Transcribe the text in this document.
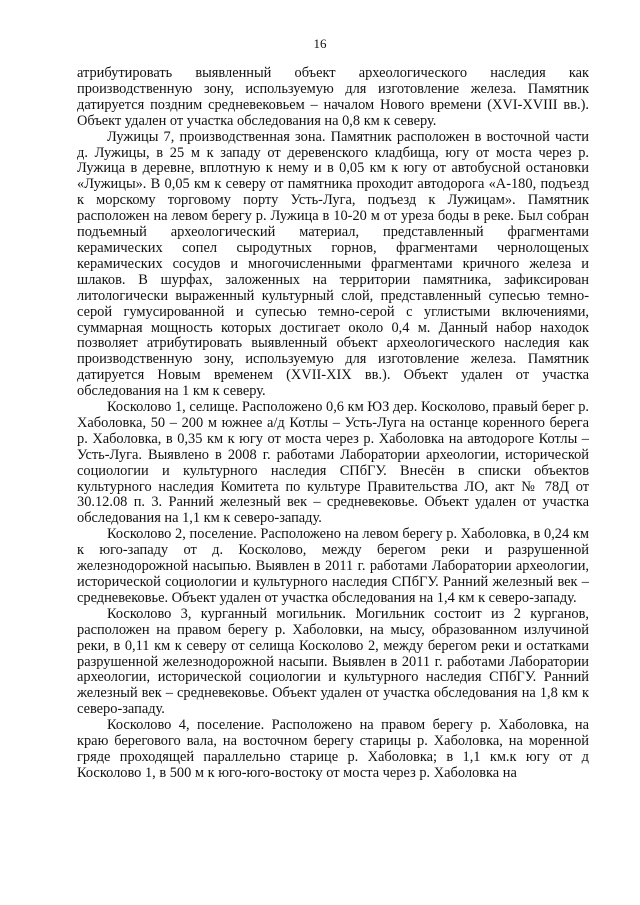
16

атрибутировать выявленный объект археологического наследия как производственную зону, используемую для изготовление железа. Памятник датируется поздним средневековьем – началом Нового времени (XVI-XVIII вв.). Объект удален от участка обследования на 0,8 км к северу.

Лужицы 7, производственная зона. Памятник расположен в восточной части д. Лужицы, в 25 м к западу от деревенского кладбища, югу от моста через р. Лужица в деревне, вплотную к нему и в 0,05 км к югу от автобусной остановки «Лужицы». В 0,05 км к северу от памятника проходит автодорога «А-180, подъезд к морскому торговому порту Усть-Луга, подъезд к Лужицам». Памятник расположен на левом берегу р. Лужица в 10-20 м от уреза боды в реке. Был собран подъемный археологический материал, представленный фрагментами керамических сопел сыродутных горнов, фрагментами чернолощеных керамических сосудов и многочисленными фрагментами кричного железа и шлаков. В шурфах, заложенных на территории памятника, зафиксирован литологически выраженный культурный слой, представленный супесью темно-серой гумусированной и супесью темно-серой с углистыми включениями, суммарная мощность которых достигает около 0,4 м. Данный набор находок позволяет атрибутировать выявленный объект археологического наследия как производственную зону, используемую для изготовление железа. Памятник датируется Новым временем (XVII-XIX вв.). Объект удален от участка обследования на 1 км к северу.

Косколово 1, селище. Расположено 0,6 км ЮЗ дер. Косколово, правый берег р. Хаболовка, 50 – 200 м южнее а/д Котлы – Усть-Луга на останце коренного берега р. Хаболовка, в 0,35 км к югу от моста через р. Хаболовка на автодороге Котлы – Усть-Луга. Выявлено в 2008 г. работами Лаборатории археологии, исторической социологии и культурного наследия СПбГУ. Внесён в списки объектов культурного наследия Комитета по культуре Правительства ЛО, акт № 78Д от 30.12.08 п. 3. Ранний железный век – средневековье. Объект удален от участка обследования на 1,1 км к северо-западу.

Косколово 2, поселение. Расположено на левом берегу р. Хаболовка, в 0,24 км к юго-западу от д. Косколово, между берегом реки и разрушенной железнодорожной насыпью. Выявлен в 2011 г. работами Лаборатории археологии, исторической социологии и культурного наследия СПбГУ. Ранний железный век – средневековье. Объект удален от участка обследования на 1,4 км к северо-западу.

Косколово 3, курганный могильник. Могильник состоит из 2 курганов, расположен на правом берегу р. Хаболовки, на мысу, образованном излучиной реки, в 0,11 км к северу от селища Косколово 2, между берегом реки и остатками разрушенной железнодорожной насыпи. Выявлен в 2011 г. работами Лаборатории археологии, исторической социологии и культурного наследия СПбГУ. Ранний железный век – средневековье. Объект удален от участка обследования на 1,8 км к северо-западу.

Косколово 4, поселение. Расположено на правом берегу р. Хаболовка, на краю берегового вала, на восточном берегу старицы р. Хаболовка, на моренной гряде проходящей параллельно старице р. Хаболовка; в 1,1 км.к югу от д Косколово 1, в 500 м к юго-юго-востоку от моста через р. Хаболовка на
